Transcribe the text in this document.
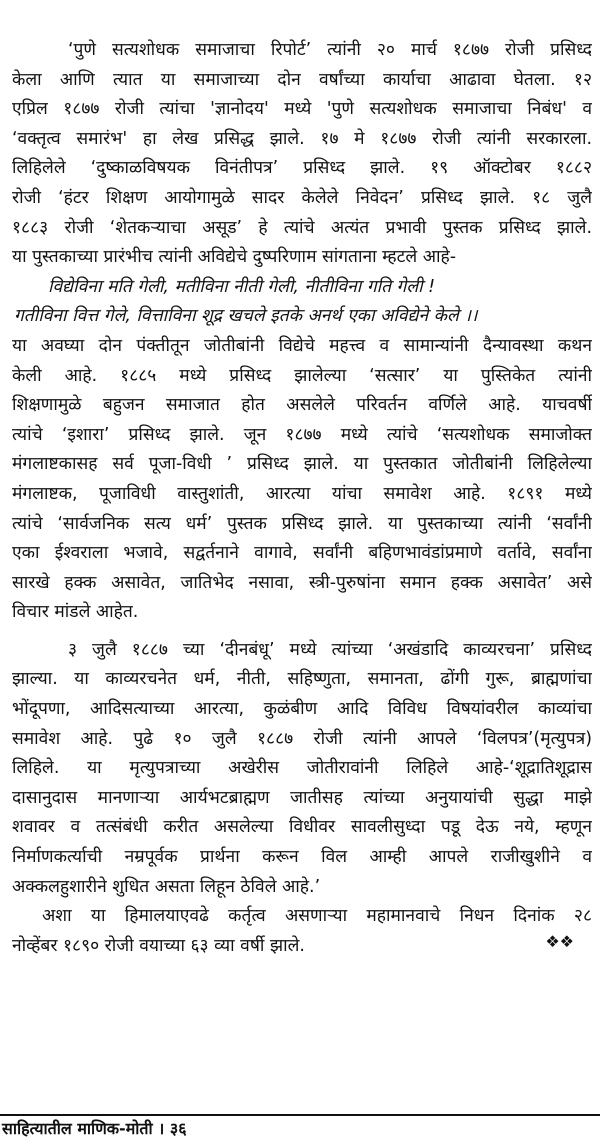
‘पुणे सत्यशोधक समाजाचा रिपोर्ट’ त्यांनी २० मार्च १८७७ रोजी प्रसिध्द
केला आणि त्यात या समाजाच्या दोन वर्षांच्या कार्याचा आढावा घेतला. १२
एप्रिल १८७७ रोजी त्यांचा 'ज्ञानोदय' मध्ये 'पुणे सत्यशोधक समाजाचा निबंध' व
‘वक्तृत्व समारंभ' हा लेख प्रसिद्ध झाले. १७ मे १८७७ रोजी त्यांनी सरकारला.
लिहिलेले ‘दुष्काळविषयक विनंतीपत्र’ प्रसिध्द झाले. १९ ऑक्टोबर १८८२
रोजी ‘हंटर शिक्षण आयोगामुळे सादर केलेले निवेदन’ प्रसिध्द झाले. १८ जुलै
१८८३ रोजी ‘शेतकऱ्याचा असूड’ हे त्यांचे अत्यंत प्रभावी पुस्तक प्रसिध्द झाले.
या पुस्तकाच्या प्रारंभीच त्यांनी अविद्येचे दुष्परिणाम सांगताना म्हटले आहे-
विद्येविना मति गेली, मतीविना नीती गेली, नीतीविना गति गेली !
गतीविना वित्त गेले, वित्ताविना शूद्र खचले इतके अनर्थ एका अविद्येने केले ।।
या अवघ्या दोन पंक्तीतून जोतीबांनी विद्येचे महत्त्व व सामान्यांनी दैन्यावस्था कथन
केली आहे. १८८५ मध्ये प्रसिध्द झालेल्या ‘सत्सार’ या पुस्तिकेत त्यांनी
शिक्षणामुळे बहुजन समाजात होत असलेले परिवर्तन वर्णिले आहे. याचवर्षी
त्यांचे ‘इशारा’ प्रसिध्द झाले. जून १८७७ मध्ये त्यांचे ‘सत्यशोधक समाजोक्त
मंगलाष्टकासह सर्व पूजा-विधी ’ प्रसिध्द झाले. या पुस्तकात जोतीबांनी लिहिलेल्या
मंगलाष्टक, पूजाविधी वास्तुशांती, आरत्या यांचा समावेश आहे. १८९१ मध्ये
त्यांचे ‘सार्वजनिक सत्य धर्म’ पुस्तक प्रसिध्द झाले. या पुस्तकाच्या त्यांनी ‘सर्वांनी
एका ईश्वराला भजावे, सद्वर्तनाने वागावे, सर्वांनी बहिणभावंडांप्रमाणे वर्तावे, सर्वांना
सारखे हक्क असावेत, जातिभेद नसावा, स्त्री-पुरुषांना समान हक्क असावेत’ असे
विचार मांडले आहेत.
३ जुलै १८८७ च्या ‘दीनबंधू’ मध्ये त्यांच्या ‘अखंडादि काव्यरचना’ प्रसिध्द
झाल्या. या काव्यरचनेत धर्म, नीती, सहिष्णुता, समानता, ढोंगी गुरू, ब्राह्मणांचा
भोंदूपणा, आदिसत्याच्या आरत्या, कुळंबीण आदि विविध विषयांवरील काव्यांचा
समावेश आहे. पुढे १० जुलै १८८७ रोजी त्यांनी आपले ‘विलपत्र’(मृत्युपत्र)
लिहिले. या मृत्युपत्राच्या अखेरीस जोतीरावांनी लिहिले आहे-‘शूद्रातिशूद्रास
दासानुदास मानणाऱ्या आर्यभटब्राह्मण जातीसह त्यांच्या अनुयायांची सुद्धा माझे
शवावर व तत्संबंधी करीत असलेल्या विधीवर सावलीसुध्दा पडू देऊ नये, म्हणून
निर्माणकर्त्याची नम्रपूर्वक प्रार्थना करून विल आम्ही आपले राजीखुशीने व
अक्कलहुशारीने शुधित असता लिहून ठेविले आहे.’
अशा या हिमालयाएवढे कर्तृत्व असणाऱ्या महामानवाचे निधन दिनांक २८
नोव्हेंबर १८९० रोजी वयाच्या ६३ व्या वर्षी झाले.	❖❖
साहित्यातील माणिक-मोती । ३६
